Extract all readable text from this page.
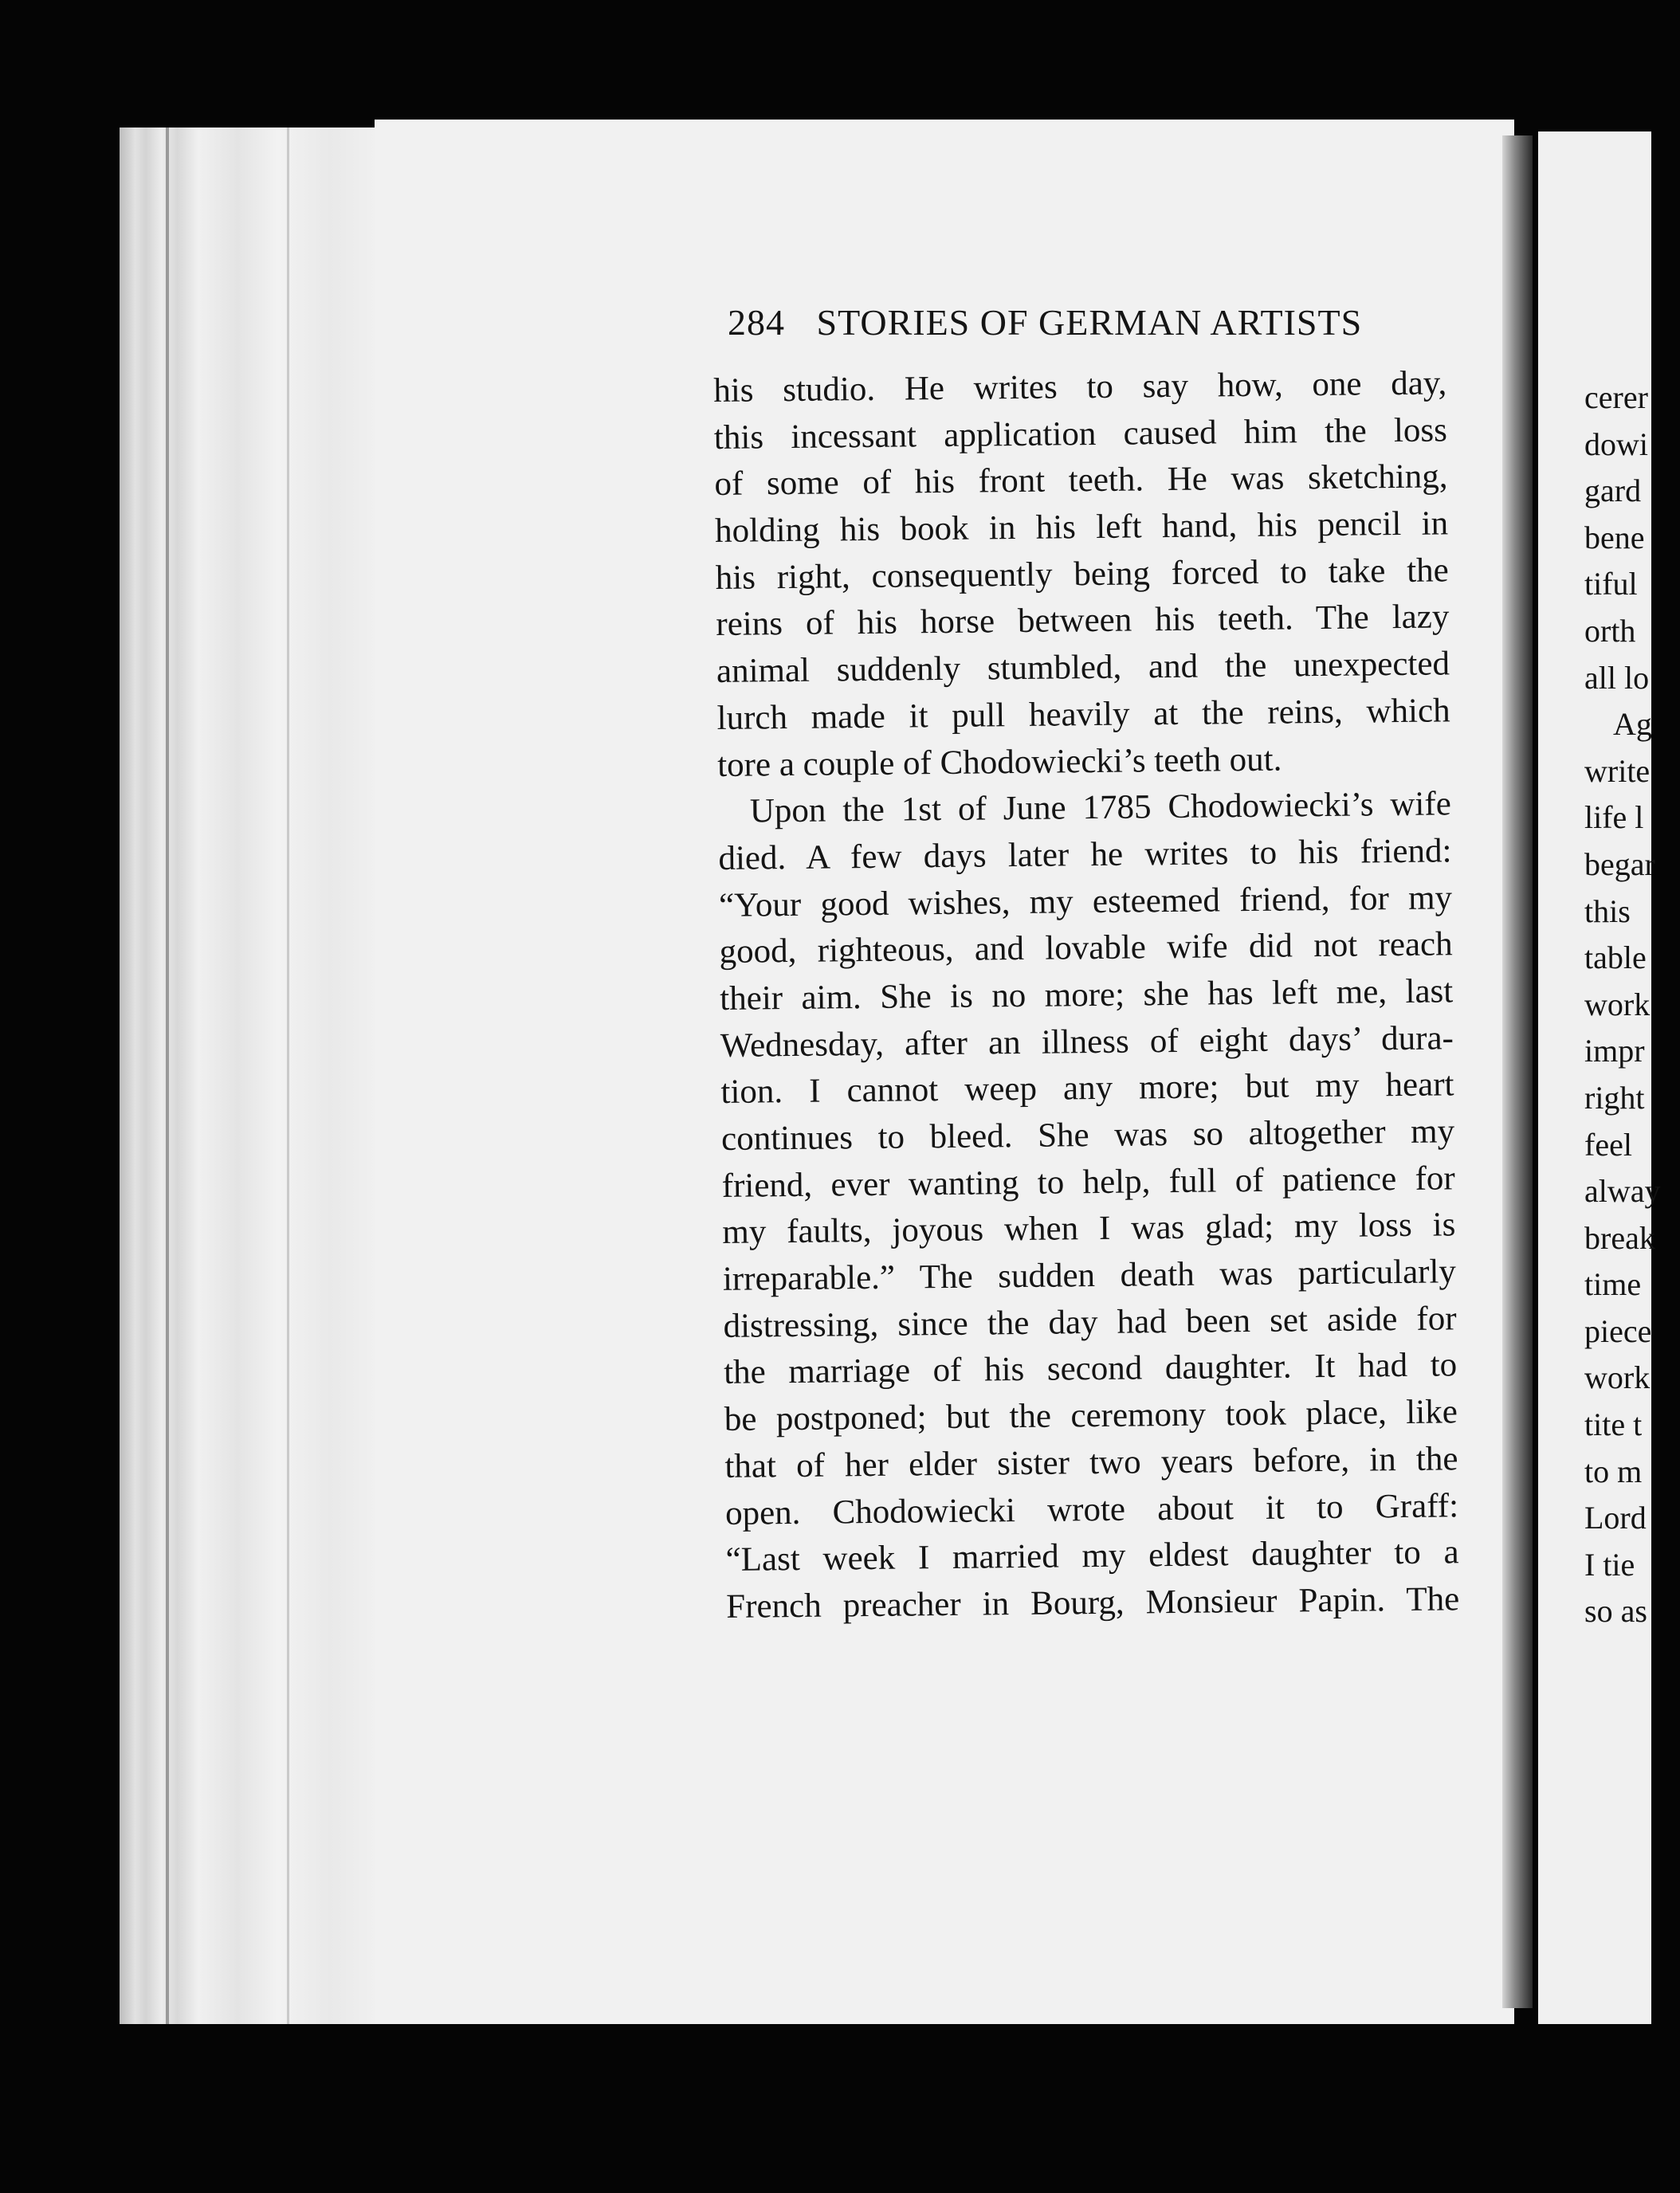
284 STORIES OF GERMAN ARTISTS
his studio. He writes to say how, one day,
this incessant application caused him the loss
of some of his front teeth. He was sketching,
holding his book in his left hand, his pencil in
his right, consequently being forced to take the
reins of his horse between his teeth. The lazy
animal suddenly stumbled, and the unexpected
lurch made it pull heavily at the reins, which
tore a couple of Chodowiecki’s teeth out.
Upon the 1st of June 1785 Chodowiecki’s wife
died. A few days later he writes to his friend:
“Your good wishes, my esteemed friend, for my
good, righteous, and lovable wife did not reach
their aim. She is no more; she has left me, last
Wednesday, after an illness of eight days’ dura-
tion. I cannot weep any more; but my heart
continues to bleed. She was so altogether my
friend, ever wanting to help, full of patience for
my faults, joyous when I was glad; my loss is
irreparable.” The sudden death was particularly
distressing, since the day had been set aside for
the marriage of his second daughter. It had to
be postponed; but the ceremony took place, like
that of her elder sister two years before, in the
open. Chodowiecki wrote about it to Graff:
“Last week I married my eldest daughter to a
French preacher in Bourg, Monsieur Papin. The
cerer
dowi
gard
bene
tiful
orth
all lo
Ag
write
life l
begar
this
table
work
impr
right
feel
alway
break
time
piece
work
tite t
to m
Lord
I tie
so as
